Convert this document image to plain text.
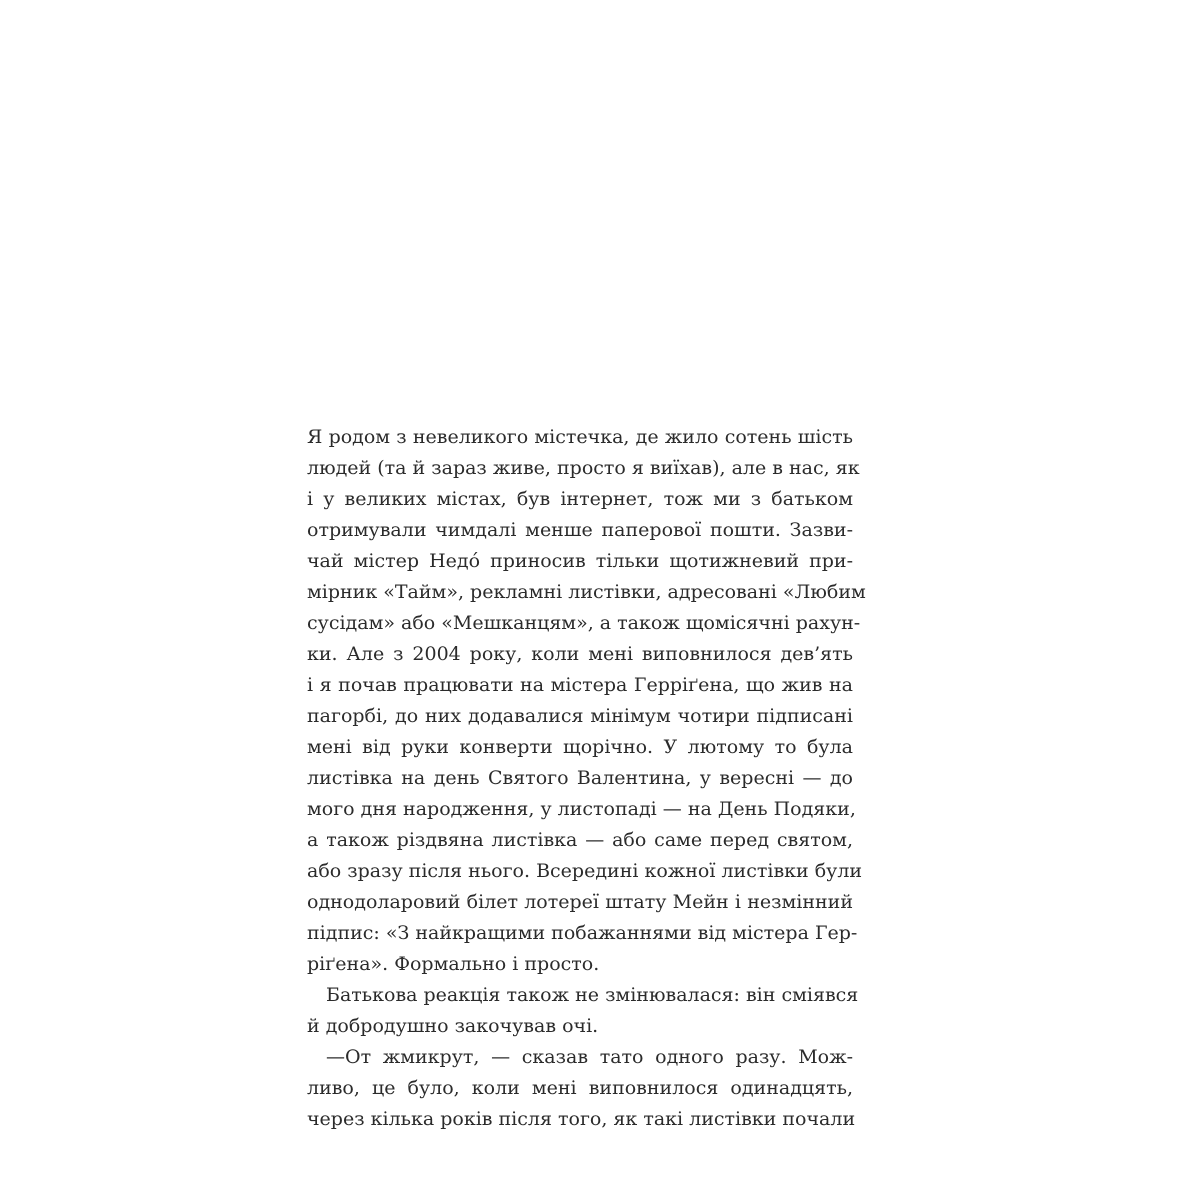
Я родом з невеликого містечка, де жило сотень шість
людей (та й зараз живе, просто я виїхав), але в нас, як
і у великих містах, був інтернет, тож ми з батьком
отримували чимдалі менше паперової пошти. Зазви-
чай містер Недó приносив тільки щотижневий при-
мірник «Тайм», рекламні листівки, адресовані «Любим
сусідам» або «Мешканцям», а також щомісячні рахун-
ки. Але з 2004 року, коли мені виповнилося дев’ять
і я почав працювати на містера Герріґена, що жив на
пагорбі, до них додавалися мінімум чотири підписані
мені від руки конверти щорічно. У лютому то була
листівка на день Святого Валентина, у вересні — до
мого дня народження, у листопаді — на День Подяки,
а також різдвяна листівка — або саме перед святом,
або зразу після нього. Всередині кожної листівки були
однодоларовий білет лотереї штату Мейн і незмінний
підпис: «З найкращими побажаннями від містера Гер-
ріґена». Формально і просто.
Батькова реакція також не змінювалася: він сміявся
й добродушно закочував очі.
—От жмикрут, — сказав тато одного разу. Мож-
ливо, це було, коли мені виповнилося одинадцять,
через кілька років після того, як такі листівки почали
